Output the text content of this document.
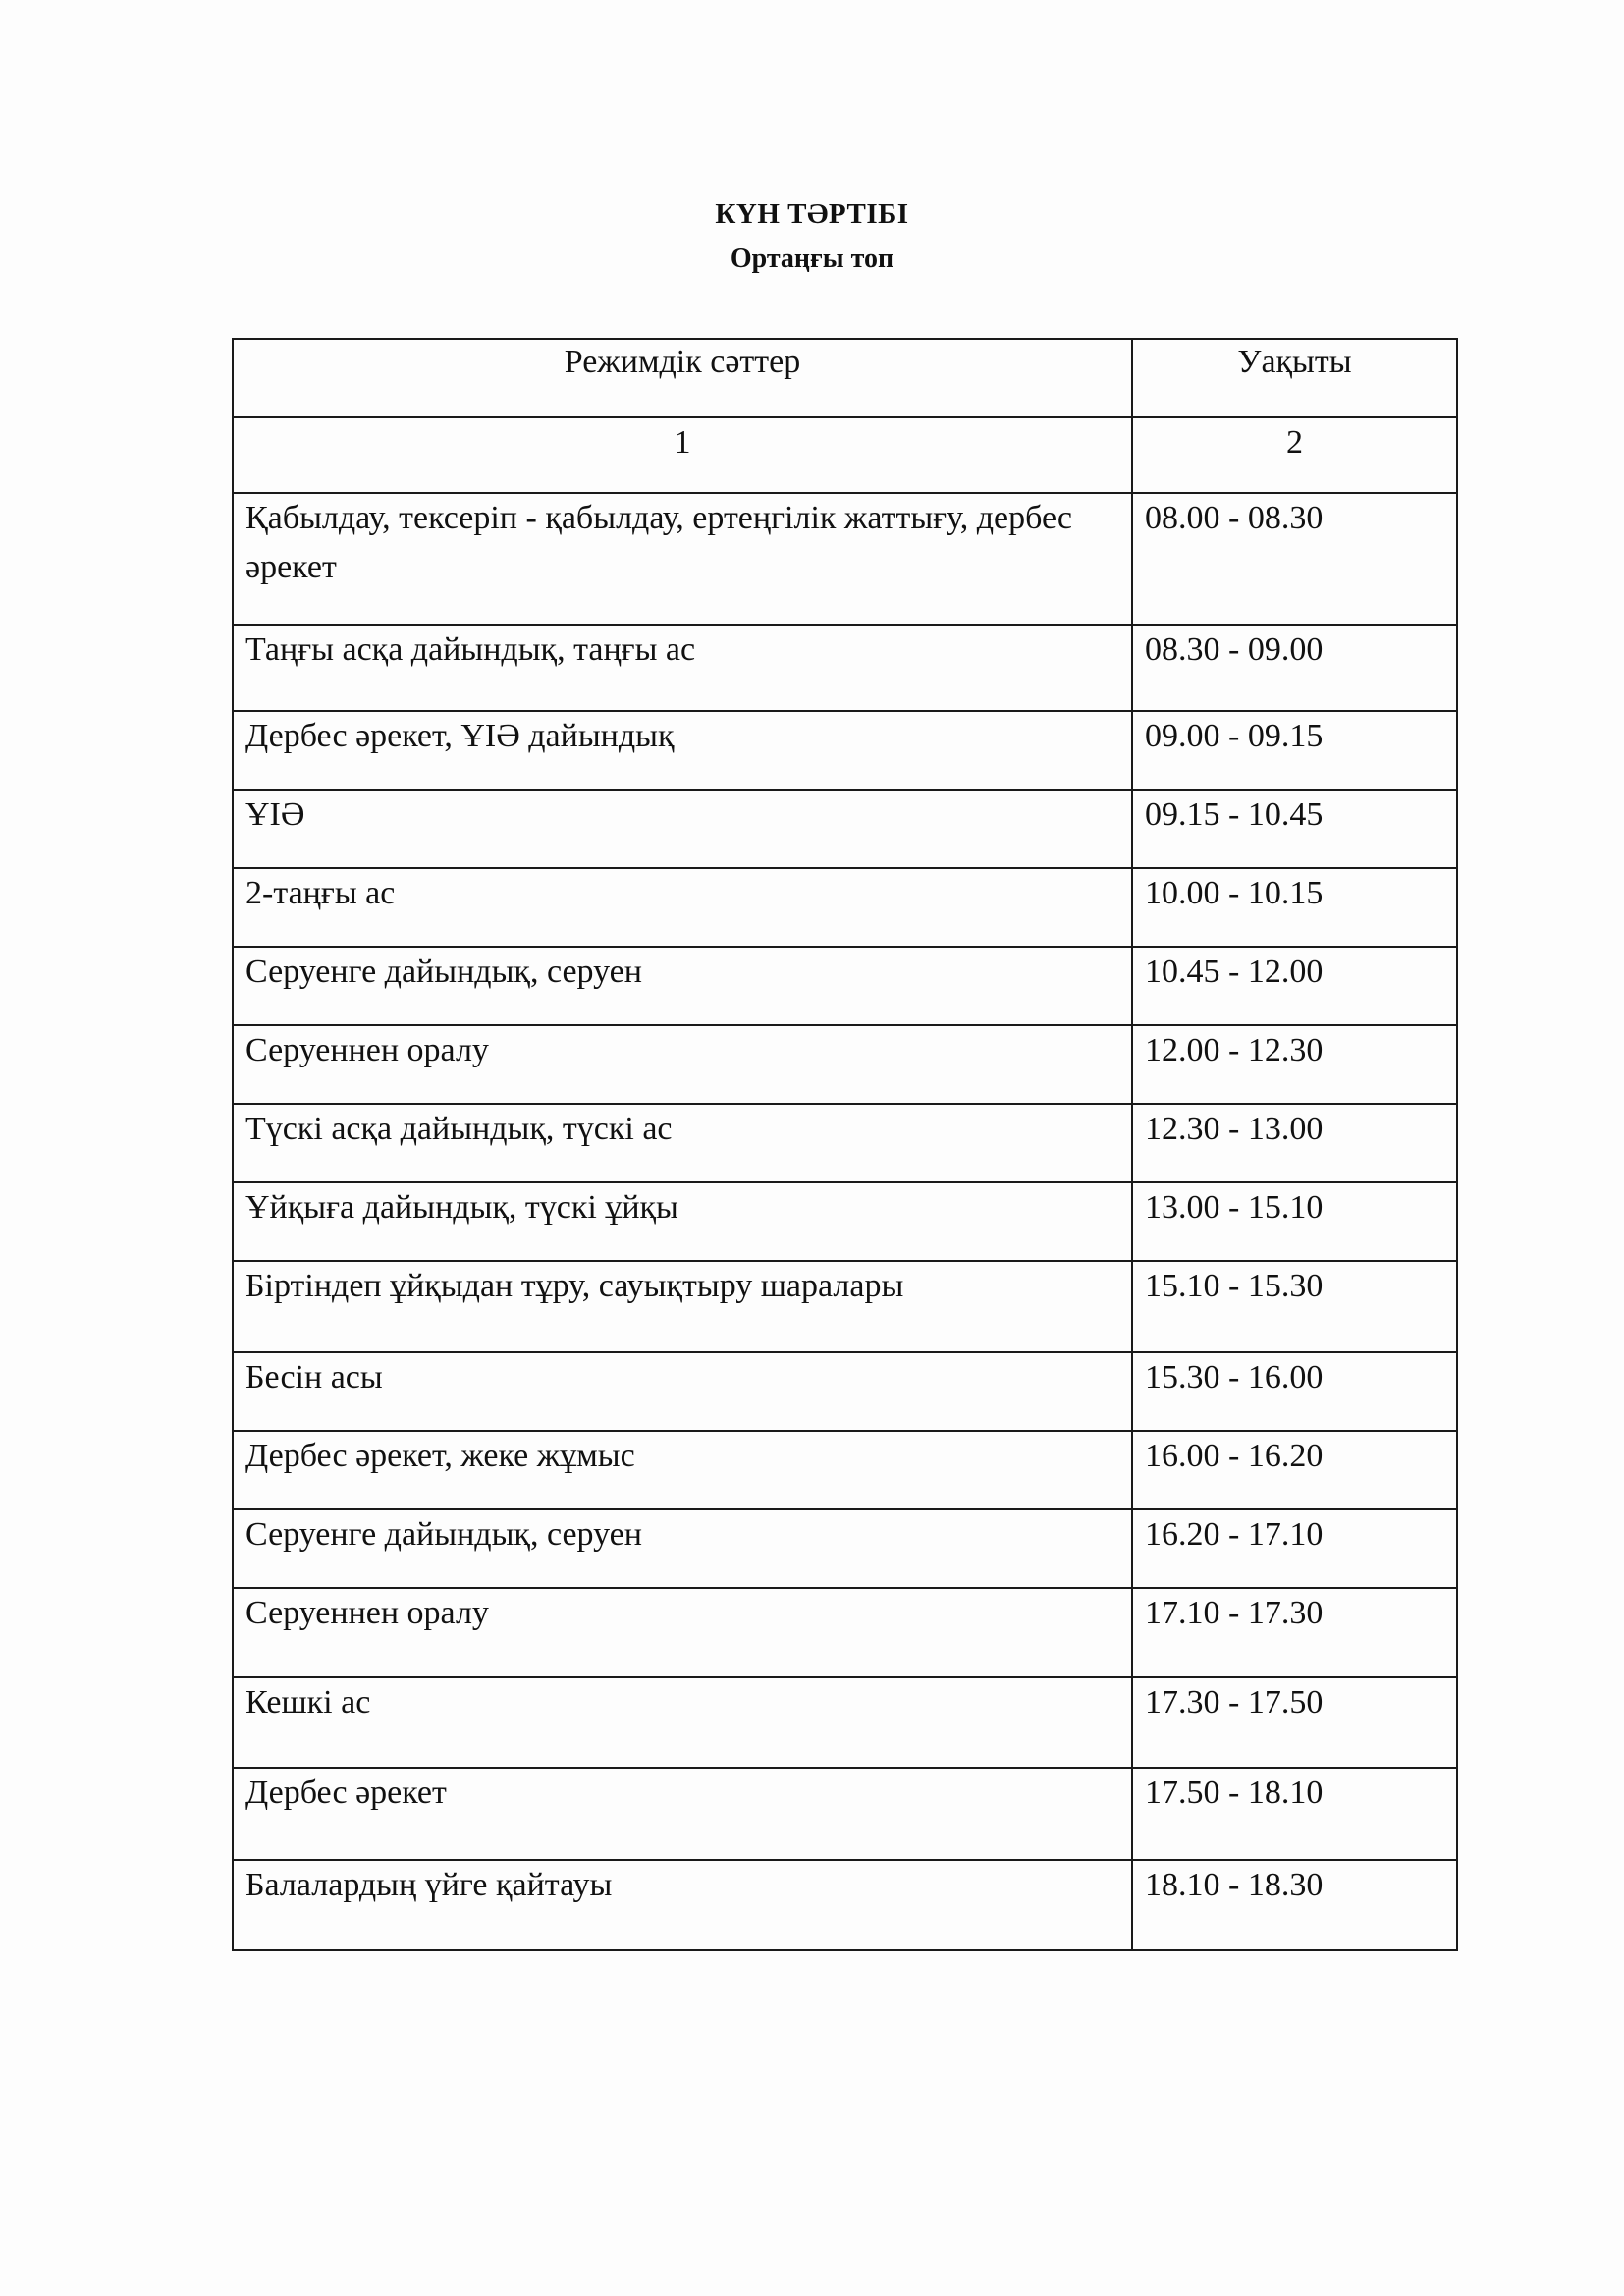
КҮН ТӘРТІБІ
Ортаңғы топ
Режимдік сәттер	Уақыты
1	2
Қабылдау, тексеріп - қабылдау, ертеңгілік жаттығу, дербес әрекет	08.00 - 08.30
Таңғы асқа дайындық, таңғы ас	08.30 - 09.00
Дербес әрекет, ҰІӘ дайындық	09.00 - 09.15
ҰІӘ	09.15 - 10.45
2-таңғы ас	10.00 - 10.15
Серуенге дайындық, серуен	10.45 - 12.00
Серуеннен оралу	12.00 - 12.30
Түскі асқа дайындық, түскі ас	12.30 - 13.00
Ұйқыға дайындық, түскі ұйқы	13.00 - 15.10
Біртіндеп ұйқыдан тұру, сауықтыру шаралары	15.10 - 15.30
Бесін асы	15.30 - 16.00
Дербес әрекет, жеке жұмыс	16.00 - 16.20
Серуенге дайындық, серуен	16.20 - 17.10
Серуеннен оралу	17.10 - 17.30
Кешкі ас	17.30 - 17.50
Дербес әрекет	17.50 - 18.10
Балалардың үйге қайтауы	18.10 - 18.30
